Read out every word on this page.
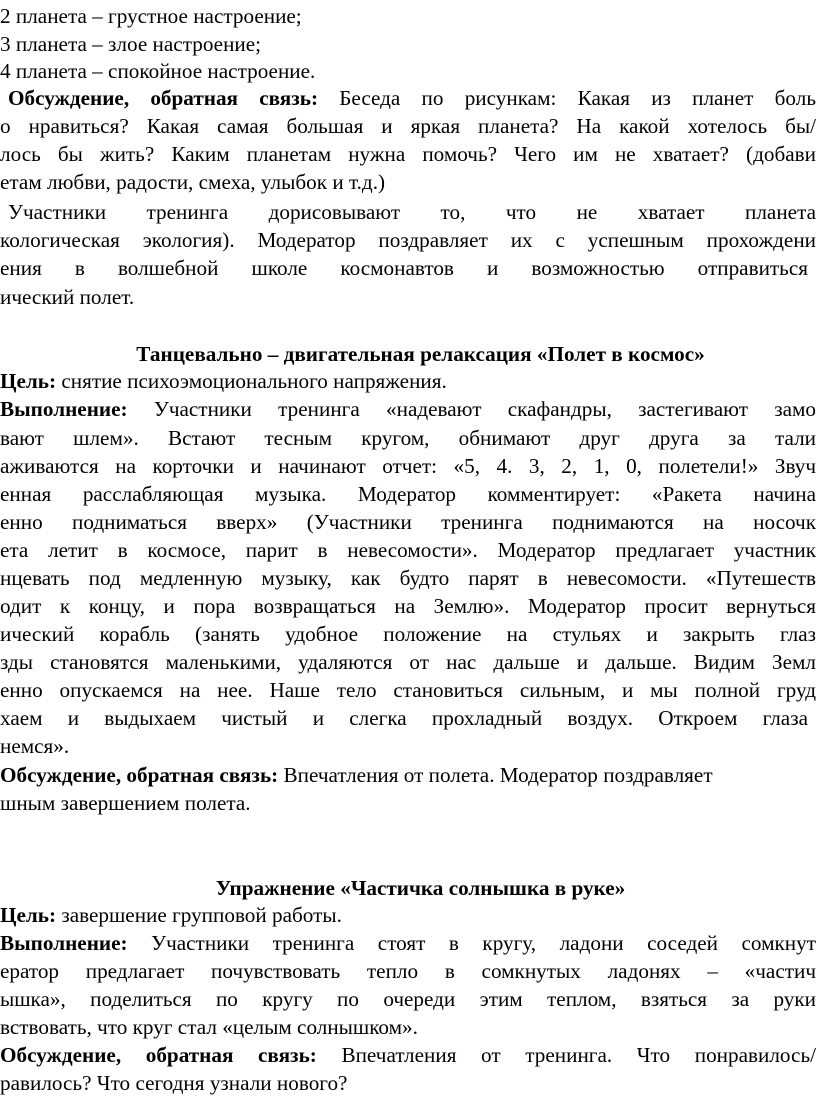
2 планета – грустное настроение;

3 планета – злое настроение;

4 планета – спокойное настроение.

Обсуждение, обратная связь: Беседа по рисункам: Какая из планет боль

о нравиться? Какая самая большая и яркая планета? На какой хотелось бы/

лось бы жить? Каким планетам нужна помочь? Чего им не хватает? (добави

етам любви, радости, смеха, улыбок и т.д.)

Участники тренинга дорисовывают то, что не хватает планета

кологическая экология). Модератор поздравляет их с успешным прохождени

ения в волшебной школе космонавтов и возможностью отправиться

ический полет.

Танцевально – двигательная релаксация «Полет в космос»

Цель: снятие психоэмоционального напряжения.

Выполнение: Участники тренинга «надевают скафандры, застегивают замо

вают шлем». Встают тесным кругом, обнимают друг друга за тали

аживаются на корточки и начинают отчет: «5, 4. 3, 2, 1, 0, полетели!» Звуч

енная расслабляющая музыка. Модератор комментирует: «Ракета начина

енно подниматься вверх» (Участники тренинга поднимаются на носочк

ета летит в космосе, парит в невесомости». Модератор предлагает участник

нцевать под медленную музыку, как будто парят в невесомости. «Путешеств

одит к концу, и пора возвращаться на Землю». Модератор просит вернуться

ический корабль (занять удобное положение на стульях и закрыть глаз

зды становятся маленькими, удаляются от нас дальше и дальше. Видим Земл

енно опускаемся на нее. Наше тело становиться сильным, и мы полной груд

хаем и выдыхаем чистый и слегка прохладный воздух. Откроем глаза

немся».

Обсуждение, обратная связь: Впечатления от полета. Модератор поздравляет

шным завершением полета.

Упражнение «Частичка солнышка в руке»

Цель: завершение групповой работы.

Выполнение: Участники тренинга стоят в кругу, ладони соседей сомкнут

ератор предлагает почувствовать тепло в сомкнутых ладонях – «частич

ышка», поделиться по кругу по очереди этим теплом, взяться за руки

вствовать, что круг стал «целым солнышком».

Обсуждение, обратная связь: Впечатления от тренинга. Что понравилось/

равилось? Что сегодня узнали нового?
